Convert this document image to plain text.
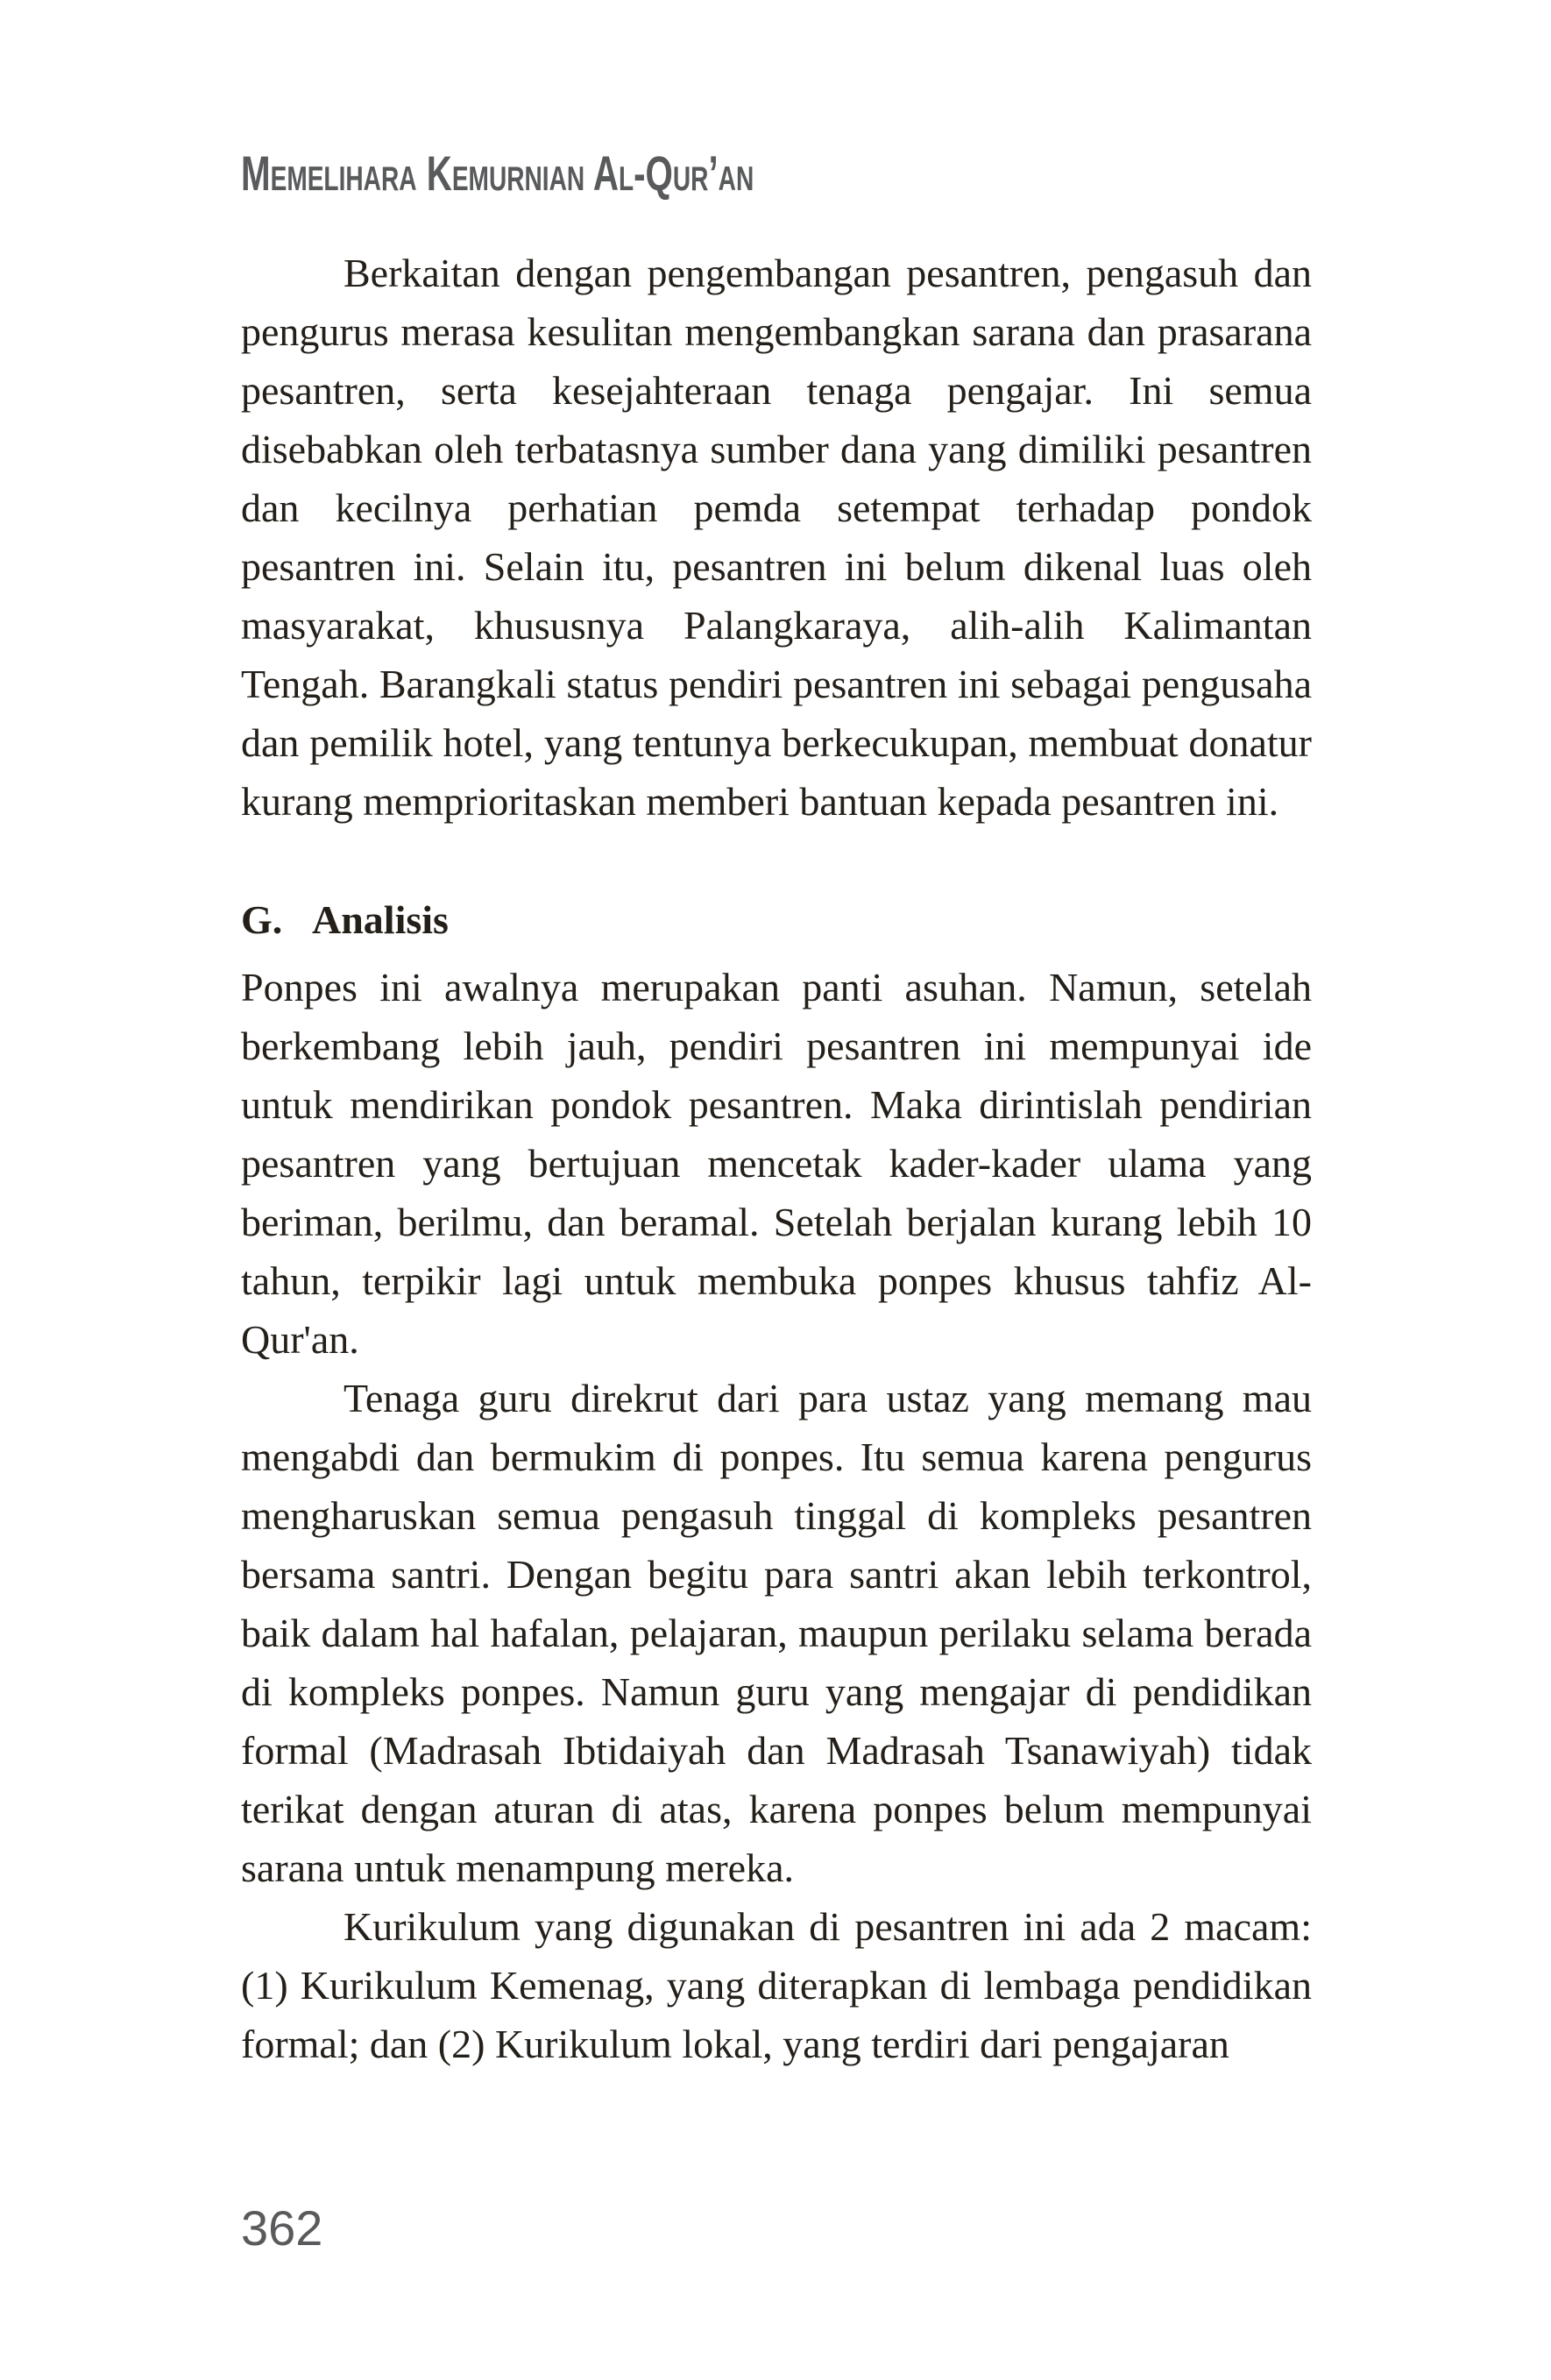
Memelihara Kemurnian Al-Qur’an

Berkaitan dengan pengembangan pesantren, pengasuh dan pengurus merasa kesulitan mengembangkan sarana dan prasarana pesantren, serta kesejahteraan tenaga pengajar. Ini semua disebabkan oleh terbatasnya sumber dana yang dimiliki pesantren dan kecilnya perhatian pemda setempat terhadap pondok pesantren ini. Selain itu, pesantren ini belum dikenal luas oleh masyarakat, khususnya Palangkaraya, alih-alih Kalimantan Tengah. Barangkali status pendiri pesantren ini sebagai pengusaha dan pemilik hotel, yang tentunya berkecukupan, membuat donatur kurang memprioritaskan memberi bantuan kepada pesantren ini.

G. Analisis

Ponpes ini awalnya merupakan panti asuhan. Namun, setelah berkembang lebih jauh, pendiri pesantren ini mempunyai ide untuk mendirikan pondok pesantren. Maka dirintislah pendirian pesantren yang bertujuan mencetak kader-kader ulama yang beriman, berilmu, dan beramal. Setelah berjalan kurang lebih 10 tahun, terpikir lagi untuk membuka ponpes khusus tahfiz Al-Qur'an.

Tenaga guru direkrut dari para ustaz yang memang mau mengabdi dan bermukim di ponpes. Itu semua karena pengurus mengharuskan semua pengasuh tinggal di kompleks pesantren bersama santri. Dengan begitu para santri akan lebih terkontrol, baik dalam hal hafalan, pelajaran, maupun perilaku selama berada di kompleks ponpes. Namun guru yang mengajar di pendidikan formal (Madrasah Ibtidaiyah dan Madrasah Tsanawiyah) tidak terikat dengan aturan di atas, karena ponpes belum mempunyai sarana untuk menampung mereka.

Kurikulum yang digunakan di pesantren ini ada 2 macam: (1) Kurikulum Kemenag, yang diterapkan di lembaga pendidikan formal; dan (2) Kurikulum lokal, yang terdiri dari pengajaran

362
